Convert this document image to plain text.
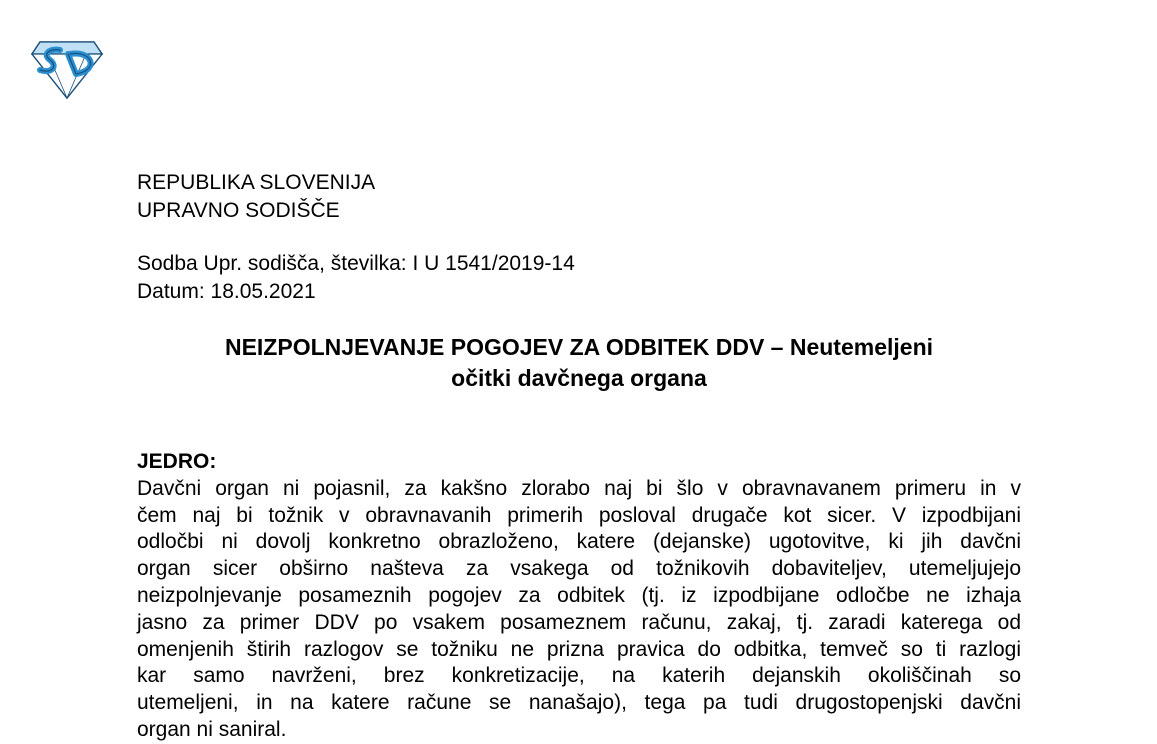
REPUBLIKA SLOVENIJA
UPRAVNO SODIŠČE
Sodba Upr. sodišča, številka: I U 1541/2019-14
Datum: 18.05.2021
NEIZPOLNJEVANJE POGOJEV ZA ODBITEK DDV – Neutemeljeni
očitki davčnega organa
JEDRO:
Davčni organ ni pojasnil, za kakšno zlorabo naj bi šlo v obravnavanem primeru in v
čem naj bi tožnik v obravnavanih primerih posloval drugače kot sicer. V izpodbijani
odločbi ni dovolj konkretno obrazloženo, katere (dejanske) ugotovitve, ki jih davčni
organ sicer obširno našteva za vsakega od tožnikovih dobaviteljev, utemeljujejo
neizpolnjevanje posameznih pogojev za odbitek (tj. iz izpodbijane odločbe ne izhaja
jasno za primer DDV po vsakem posameznem računu, zakaj, tj. zaradi katerega od
omenjenih štirih razlogov se tožniku ne prizna pravica do odbitka, temveč so ti razlogi
kar samo navrženi, brez konkretizacije, na katerih dejanskih okoliščinah so
utemeljeni, in na katere račune se nanašajo), tega pa tudi drugostopenjski davčni
organ ni saniral.
